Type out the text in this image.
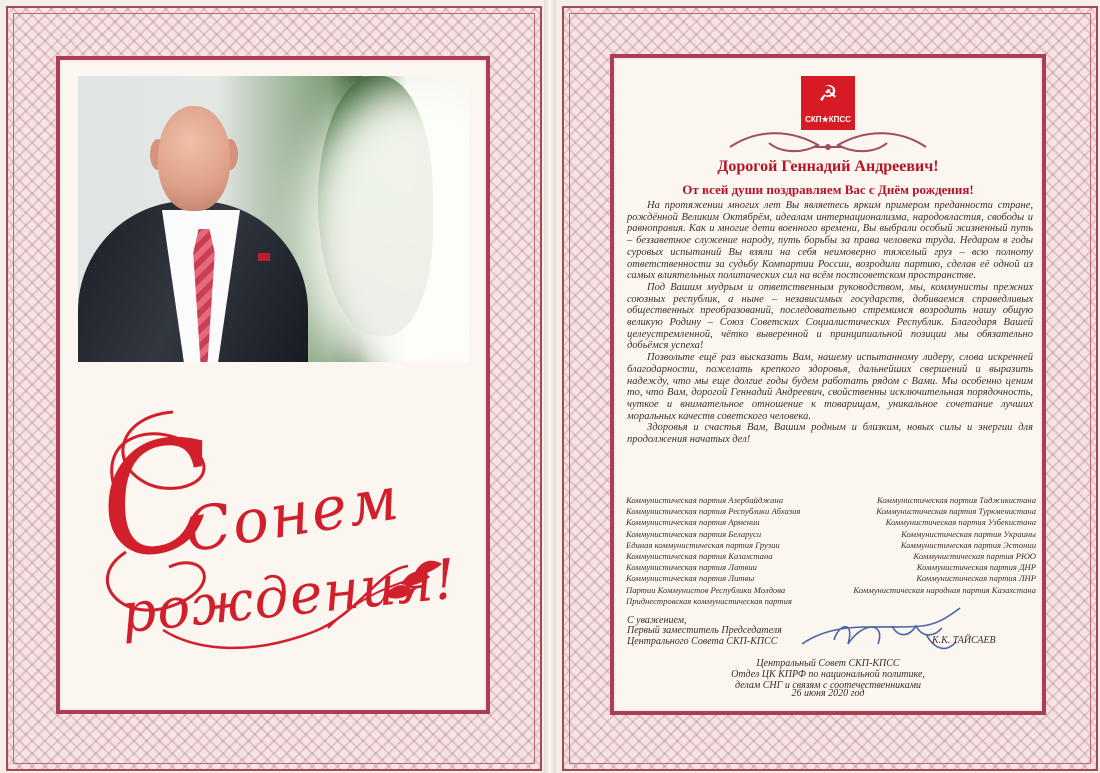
С
Сонем
рождения!
☭
СКП★КПСС
Дорогой Геннадий Андреевич!
От всей души поздравляем Вас с Днём рождения!

На протяжении многих лет Вы являетесь ярким примером преданности стране, рождённой Великим Октябрём, идеалам интернационализма, народовластия, свободы и равноправия. Как и многие дети военного времени, Вы выбрали особый жизненный путь – беззаветное служение народу, путь борьбы за права человека труда. Недаром в годы суровых испытаний Вы взяли на себя неимоверно тяжелый груз – всю полноту ответственности за судьбу Компартии России, возродили партию, сделав её одной из самых влиятельных политических сил на всём постсоветском пространстве.

Под Вашим мудрым и ответственным руководством, мы, коммунисты прежних союзных республик, а ныне – независимых государств, добиваемся справедливых общественных преобразований, последовательно стремимся возродить нашу общую великую Родину – Союз Советских Социалистических Республик. Благодаря Вашей целеустремленной, чётко выверенной и принципиальной позиции мы обязательно добьёмся успеха!

Позвольте ещё раз высказать Вам, нашему испытанному лидеру, слова искренней благодарности, пожелать крепкого здоровья, дальнейших свершений и выразить надежду, что мы еще долгие годы будем работать рядом с Вами. Мы особенно ценим то, что Вам, дорогой Геннадий Андреевич, свойственны исключительная порядочность, чуткое и внимательное отношение к товарищам, уникальное сочетание лучших моральных качеств советского человека.

Здоровья и счастья Вам, Вашим родным и близким, новых силы и энергии для продолжения начатых дел!

Коммунистическая партия Азербайджана
Коммунистическая партия Республики Абхазия
Коммунистическая партия Армении
Коммунистическая партия Беларуси
Единая коммунистическая партия Грузии
Коммунистическая партия Казахстана
Коммунистическая партия Латвии
Коммунистическая партия Литвы
Партии Коммунистов Республики Молдова
Приднестровская коммунистическая партия
Коммунистическая партия Таджикистана
Коммунистическая партия Туркменистана
Коммунистическая партия Узбекистана
Коммунистическая партия Украины
Коммунистическая партия Эстонии
Коммунистическая партия РЮО
Коммунистическая партия ДНР
Коммунистическая партия ЛНР
Коммунистическая народная партия Казахстана
С уважением,
Первый заместитель Председателя
Центрального Совета СКП-КПСС	К.К. ТАЙСАЕВ
Центральный Совет СКП-КПСС
Отдел ЦК КПРФ по национальной политике,
делам СНГ и связям с соотечественниками
26 июня 2020 год
